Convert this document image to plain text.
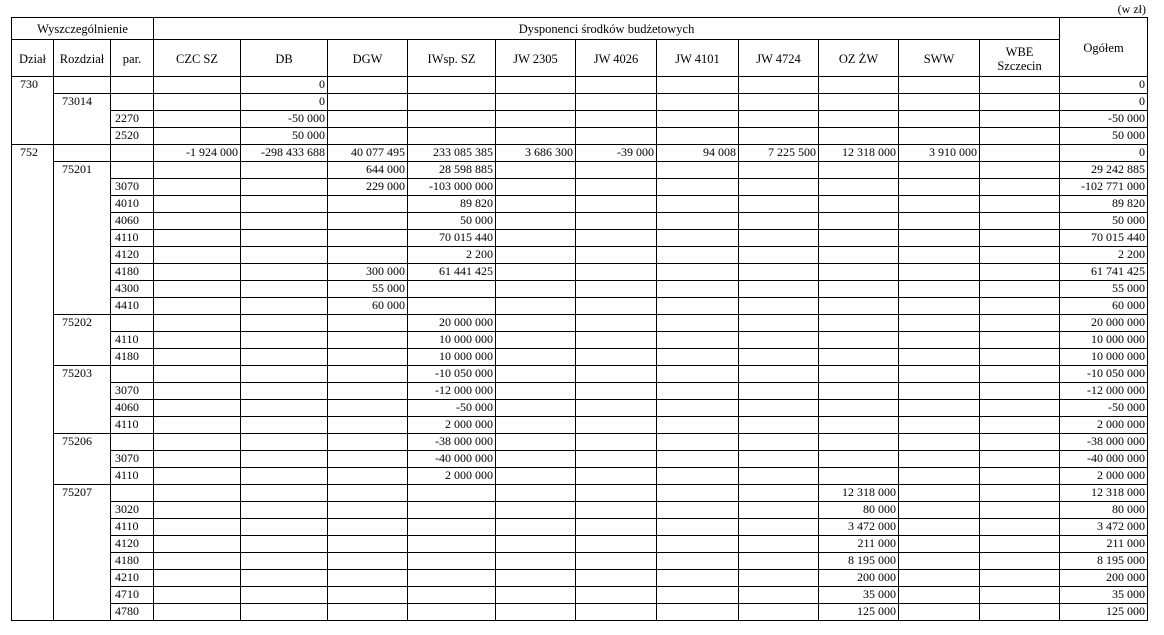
(w zł)
Wyszczególnienie			Dysponenci środków budżetowych											Ogółem
Dział	Rozdział	par.	CZC SZ	DB	DGW	IWsp. SZ	JW 2305	JW 4026	JW 4101	JW 4724	OZ ŻW	SWW	WBE Szczecin	
730				0										0
	73014			0										0
		2270		-50 000										-50 000
		2520		50 000										50 000
752			-1 924 000	-298 433 688	40 077 495	233 085 385	3 686 300	-39 000	94 008	7 225 500	12 318 000	3 910 000		0
	75201				644 000	28 598 885								29 242 885
		3070			229 000	-103 000 000								-102 771 000
		4010				89 820								89 820
		4060				50 000								50 000
		4110				70 015 440								70 015 440
		4120				2 200								2 200
		4180			300 000	61 441 425								61 741 425
		4300			55 000									55 000
		4410			60 000									60 000
	75202					20 000 000								20 000 000
		4110				10 000 000								10 000 000
		4180				10 000 000								10 000 000
	75203					-10 050 000								-10 050 000
		3070				-12 000 000								-12 000 000
		4060				-50 000								-50 000
		4110				2 000 000								2 000 000
	75206					-38 000 000								-38 000 000
		3070				-40 000 000								-40 000 000
		4110				2 000 000								2 000 000
	75207										12 318 000			12 318 000
		3020									80 000			80 000
		4110									3 472 000			3 472 000
		4120									211 000			211 000
		4180									8 195 000			8 195 000
		4210									200 000			200 000
		4710									35 000			35 000
		4780									125 000			125 000
